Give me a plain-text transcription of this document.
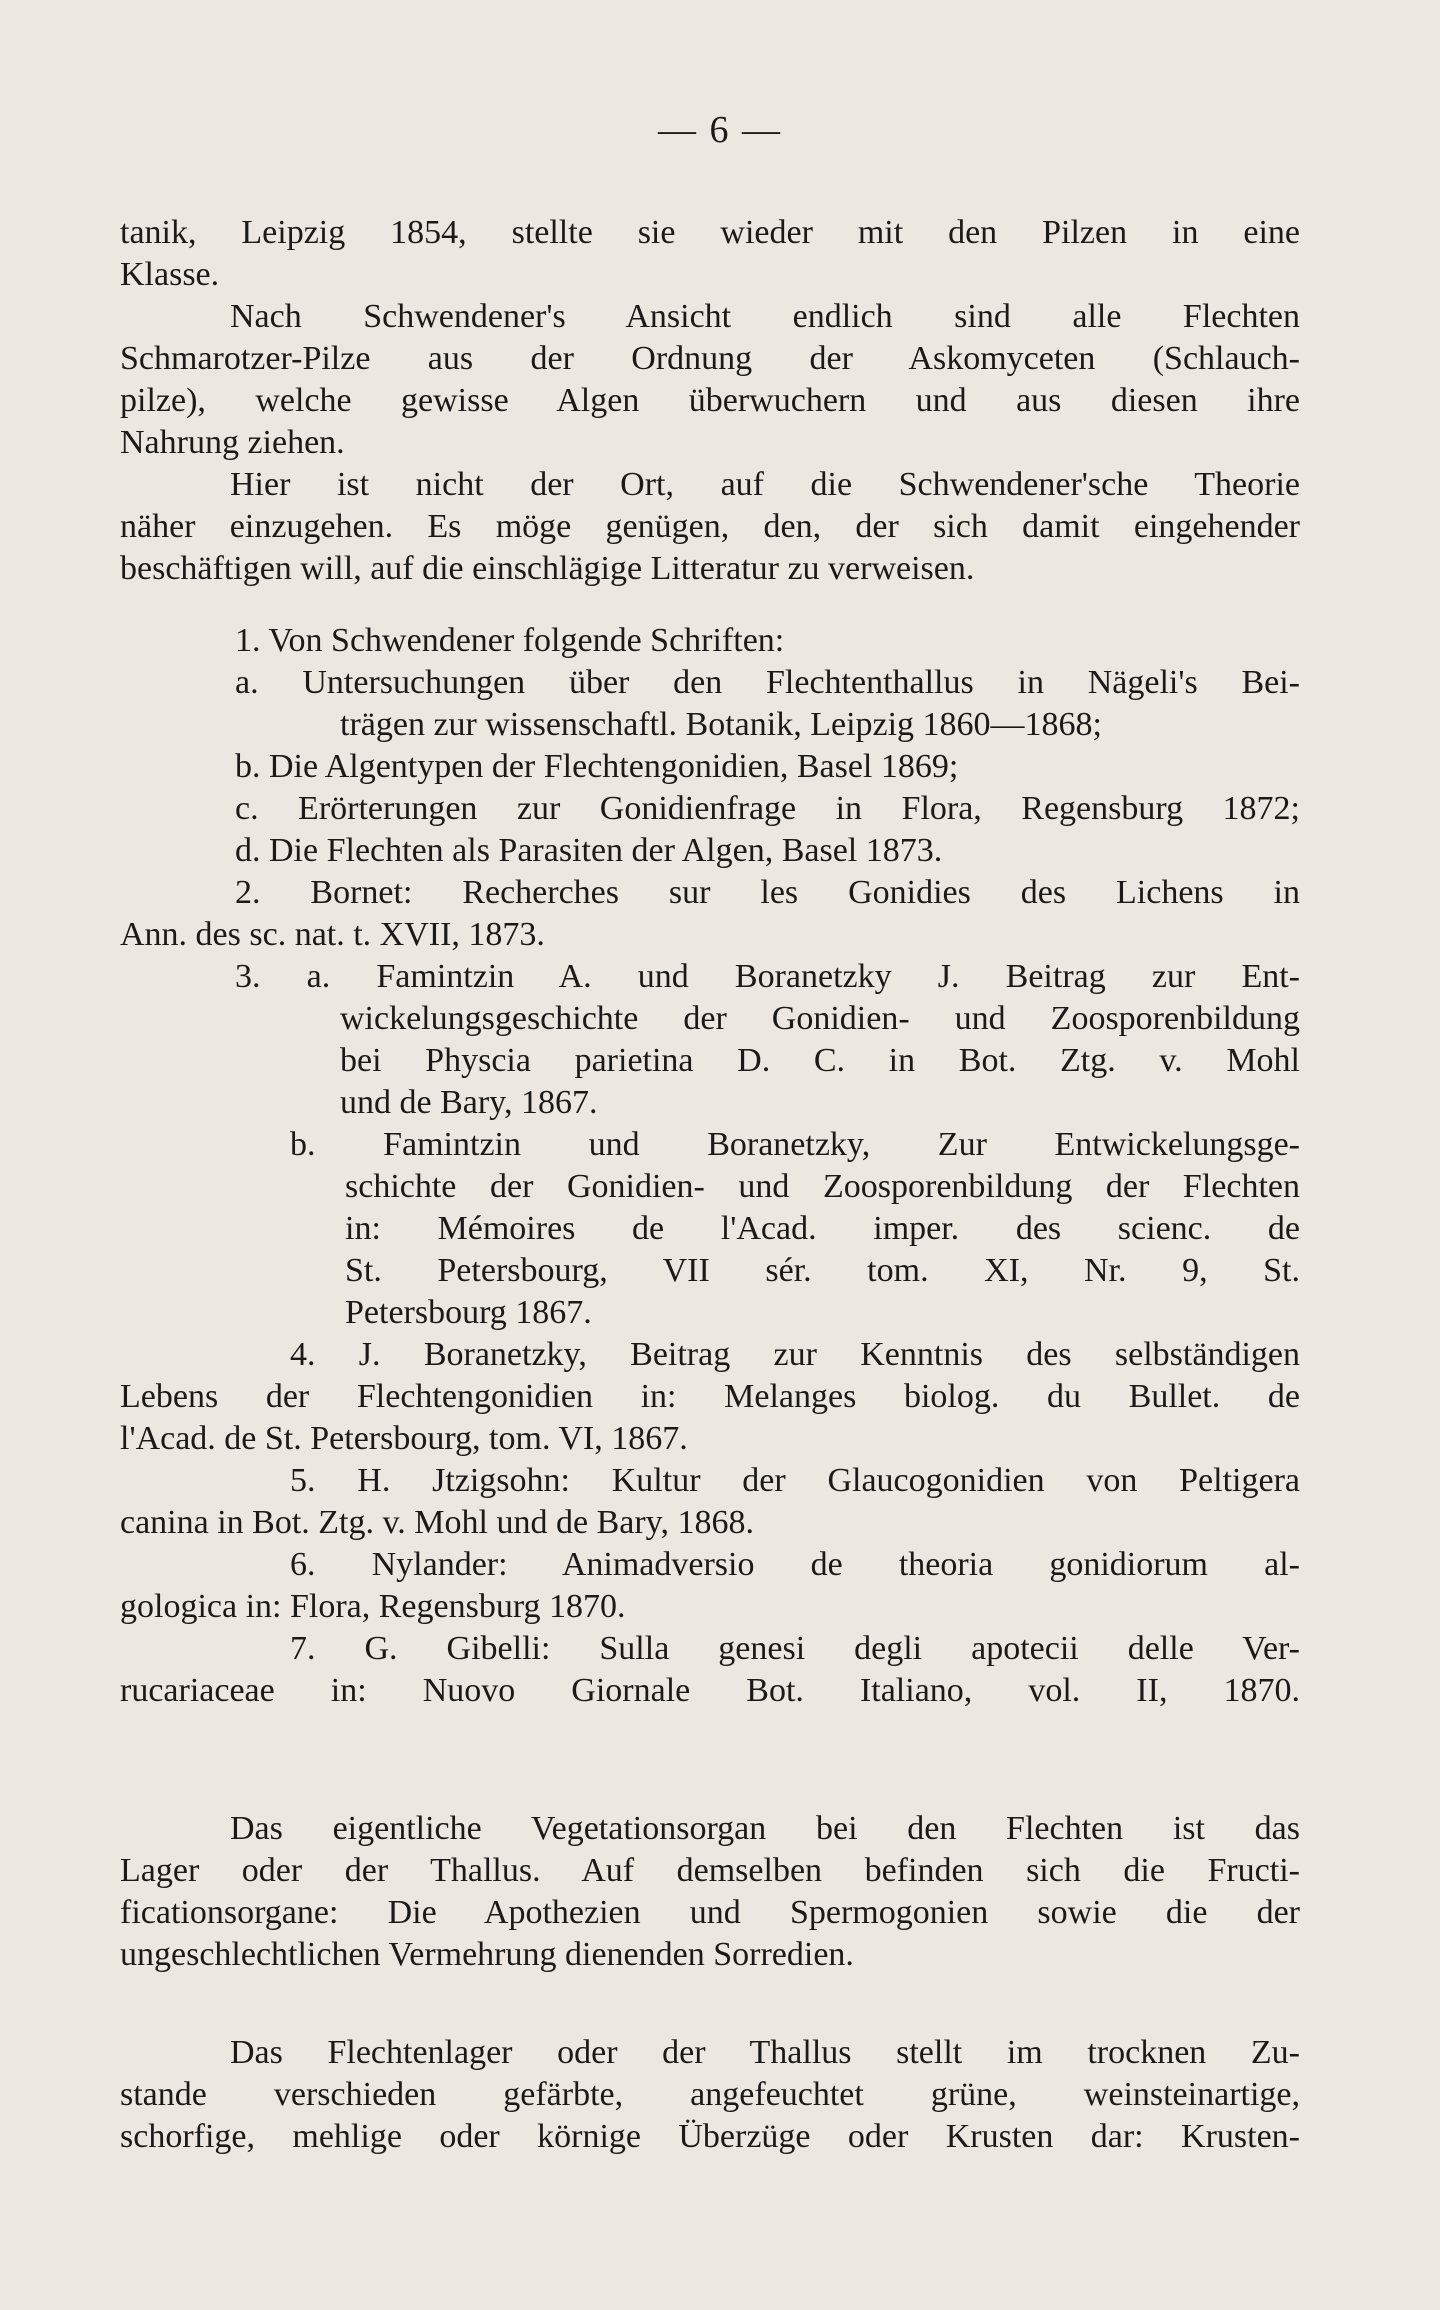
— 6 —
tanik, Leipzig 1854, stellte sie wieder mit den Pilzen in eine
Klasse.
Nach Schwendener's Ansicht endlich sind alle Flechten
Schmarotzer-Pilze aus der Ordnung der Askomyceten (Schlauch-
pilze), welche gewisse Algen überwuchern und aus diesen ihre
Nahrung ziehen.
Hier ist nicht der Ort, auf die Schwendener'sche Theorie
näher einzugehen. Es möge genügen, den, der sich damit eingehender
beschäftigen will, auf die einschlägige Litteratur zu verweisen.
1. Von Schwendener folgende Schriften:
a. Untersuchungen über den Flechtenthallus in Nägeli's Bei-
trägen zur wissenschaftl. Botanik, Leipzig 1860—1868;
b. Die Algentypen der Flechtengonidien, Basel 1869;
c. Erörterungen zur Gonidienfrage in Flora, Regensburg 1872;
d. Die Flechten als Parasiten der Algen, Basel 1873.
2. Bornet: Recherches sur les Gonidies des Lichens in
Ann. des sc. nat. t. XVII, 1873.
3. a. Famintzin A. und Boranetzky J. Beitrag zur Ent-
wickelungsgeschichte der Gonidien- und Zoosporenbildung
bei Physcia parietina D. C. in Bot. Ztg. v. Mohl
und de Bary, 1867.
b. Famintzin und Boranetzky, Zur Entwickelungsge-
schichte der Gonidien- und Zoosporenbildung der Flechten
in: Mémoires de l'Acad. imper. des scienc. de
St. Petersbourg, VII sér. tom. XI, Nr. 9, St.
Petersbourg 1867.
4. J. Boranetzky, Beitrag zur Kenntnis des selbständigen
Lebens der Flechtengonidien in: Melanges biolog. du Bullet. de
l'Acad. de St. Petersbourg, tom. VI, 1867.
5. H. Jtzigsohn: Kultur der Glaucogonidien von Peltigera
canina in Bot. Ztg. v. Mohl und de Bary, 1868.
6. Nylander: Animadversio de theoria gonidiorum al-
gologica in: Flora, Regensburg 1870.
7. G. Gibelli: Sulla genesi degli apotecii delle Ver-
rucariaceae in: Nuovo Giornale Bot. Italiano, vol. II, 1870.
Das eigentliche Vegetationsorgan bei den Flechten ist das
Lager oder der Thallus. Auf demselben befinden sich die Fructi-
ficationsorgane: Die Apothezien und Spermogonien sowie die der
ungeschlechtlichen Vermehrung dienenden Sorredien.
Das Flechtenlager oder der Thallus stellt im trocknen Zu-
stande verschieden gefärbte, angefeuchtet grüne, weinsteinartige,
schorfige, mehlige oder körnige Überzüge oder Krusten dar: Krusten-
